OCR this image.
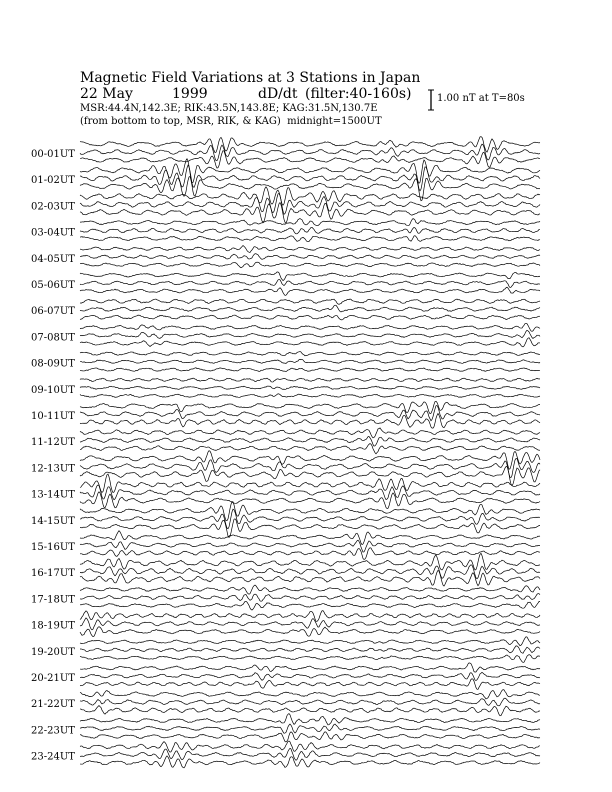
Magnetic Field Variations at 3 Stations in Japan
22 May	1999	dD/dt (filter:40-160s)
MSR:44.4N,142.3E; RIK:43.5N,143.8E; KAG:31.5N,130.7E
(from bottom to top, MSR, RIK, & KAG) midnight=1500UT
1.00 nT at T=80s
00-01UT
01-02UT
02-03UT
03-04UT
04-05UT
05-06UT
06-07UT
07-08UT
08-09UT
09-10UT
10-11UT
11-12UT
12-13UT
13-14UT
14-15UT
15-16UT
16-17UT
17-18UT
18-19UT
19-20UT
20-21UT
21-22UT
22-23UT
23-24UT
